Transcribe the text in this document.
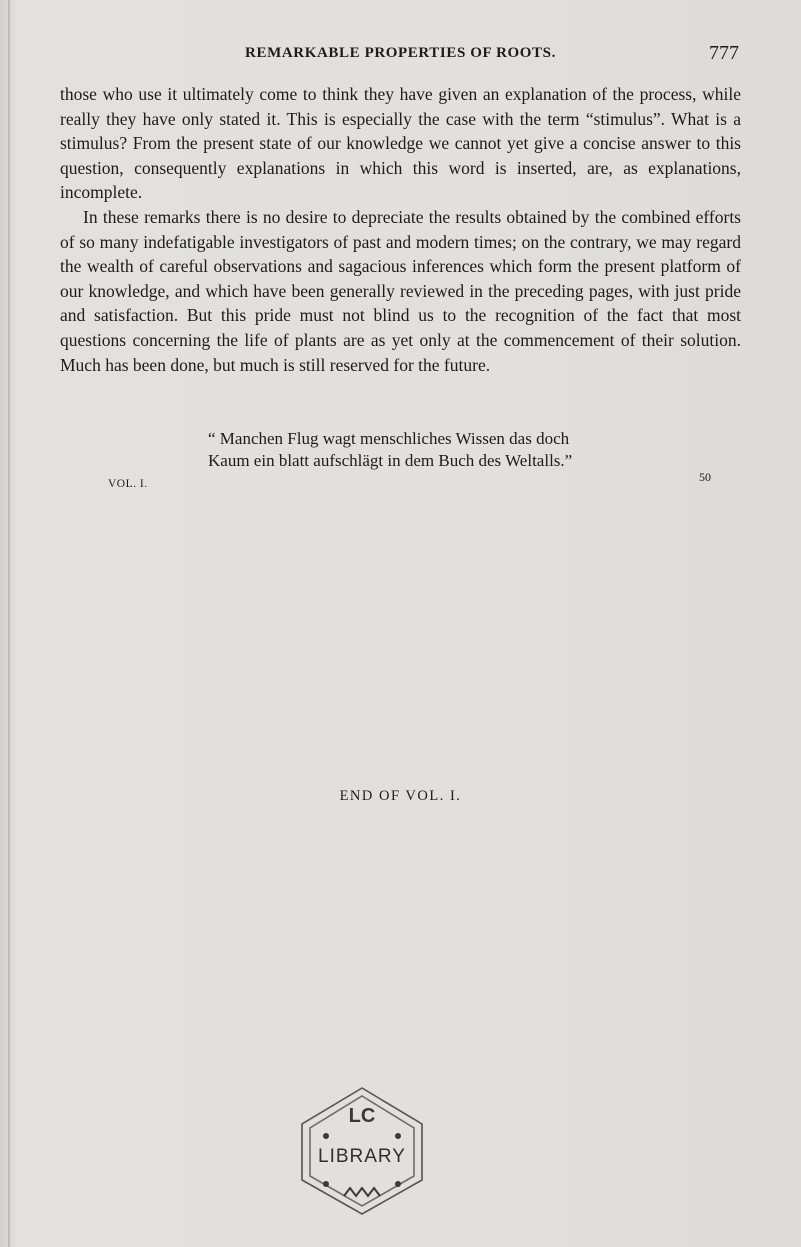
REMARKABLE PROPERTIES OF ROOTS.	777

those who use it ultimately come to think they have given an explanation of the process, while really they have only stated it. This is especially the case with the term “stimulus”. What is a stimulus? From the present state of our knowledge we cannot yet give a concise answer to this question, consequently explanations in which this word is inserted, are, as explanations, incomplete.

In these remarks there is no desire to depreciate the results obtained by the combined efforts of so many indefatigable investigators of past and modern times; on the contrary, we may regard the wealth of careful observations and sagacious inferences which form the present platform of our knowledge, and which have been generally reviewed in the preceding pages, with just pride and satisfaction. But this pride must not blind us to the recognition of the fact that most questions concerning the life of plants are as yet only at the commencement of their solution. Much has been done, but much is still reserved for the future.

“ Manchen Flug wagt menschliches Wissen das doch
Kaum ein blatt aufschlägt in dem Buch des Weltalls.”
VOL. I.	50
END OF VOL. I.
LC
LIBRARY
